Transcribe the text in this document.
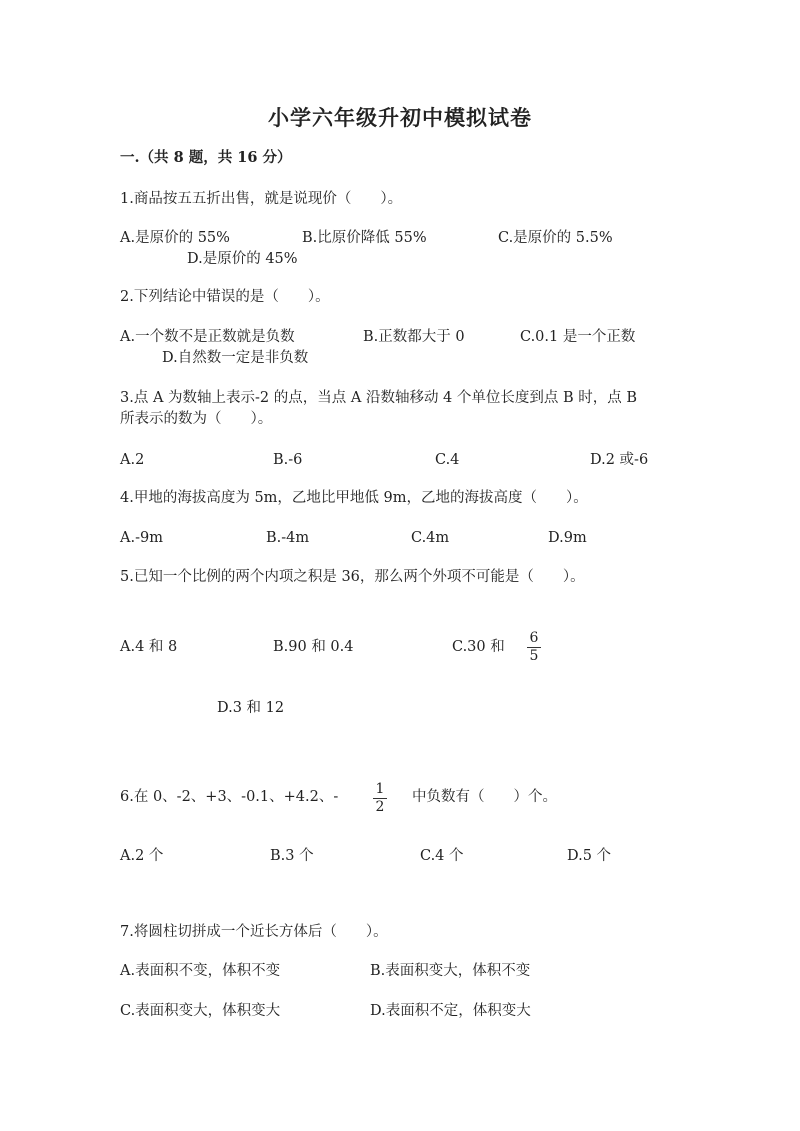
小学六年级升初中模拟试卷
一.（共 8 题，共 16 分）
1.商品按五五折出售，就是说现价（　　）。
A.是原价的 55%	B.比原价降低 55%	C.是原价的 5.5%
D.是原价的 45%
2.下列结论中错误的是（　　）。
A.一个数不是正数就是负数	B.正数都大于 0	C.0.1 是一个正数
D.自然数一定是非负数
3.点 A 为数轴上表示-2 的点，当点 A 沿数轴移动 4 个单位长度到点 B 时，点 B
所表示的数为（　　）。
A.2	B.-6	C.4	D.2 或-6
4.甲地的海拔高度为 5m，乙地比甲地低 9m，乙地的海拔高度（　　）。
A.-9m	B.-4m	C.4m	D.9m
5.已知一个比例的两个内项之积是 36，那么两个外项不可能是（　　）。
A.4 和 8	B.90 和 0.4	C.30 和
6
5
D.3 和 12
6.在 0、-2、+3、-0.1、+4.2、-	1
2
中负数有（　　）个。
A.2 个	B.3 个	C.4 个	D.5 个
7.将圆柱切拼成一个近长方体后（　　）。
A.表面积不变，体积不变	B.表面积变大，体积不变
C.表面积变大，体积变大	D.表面积不定，体积变大
